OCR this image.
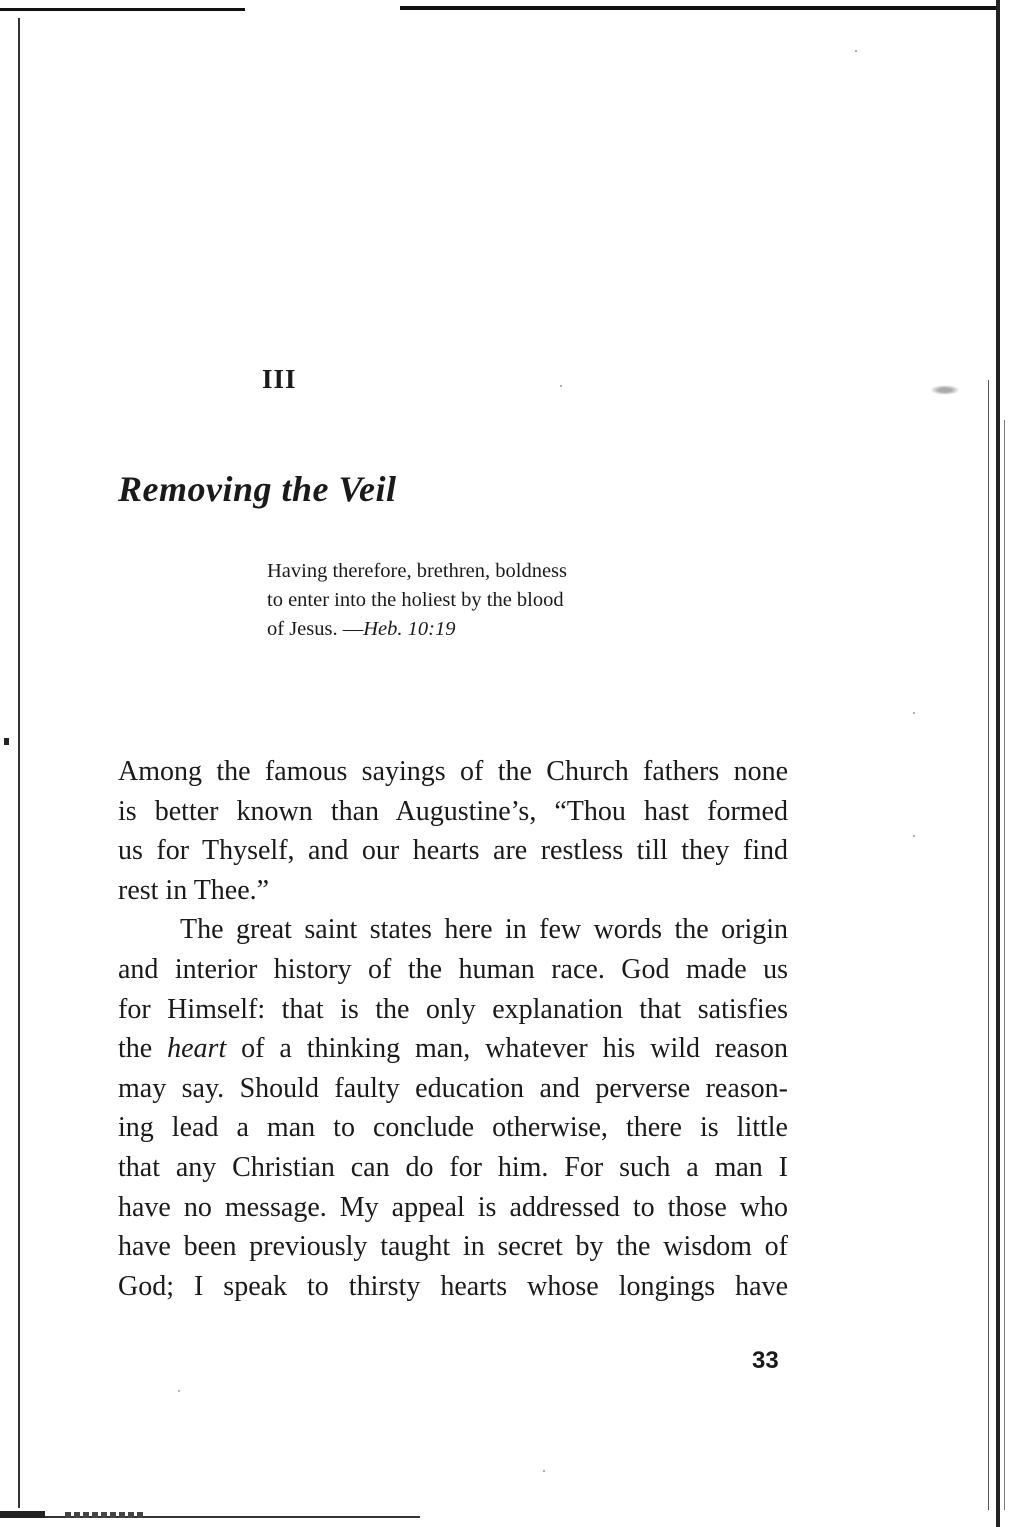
III
Removing the Veil
Having therefore, brethren, boldness
to enter into the holiest by the blood
of Jesus. —Heb. 10:19

Among the famous sayings of the Church fathers none
is better known than Augustine’s, “Thou hast formed
us for Thyself, and our hearts are restless till they find
rest in Thee.”

The great saint states here in few words the origin
and interior history of the human race. God made us
for Himself: that is the only explanation that satisfies
the heart of a thinking man, whatever his wild reason
may say. Should faulty education and perverse reason-
ing lead a man to conclude otherwise, there is little
that any Christian can do for him. For such a man I
have no message. My appeal is addressed to those who
have been previously taught in secret by the wisdom of
God; I speak to thirsty hearts whose longings have

33
